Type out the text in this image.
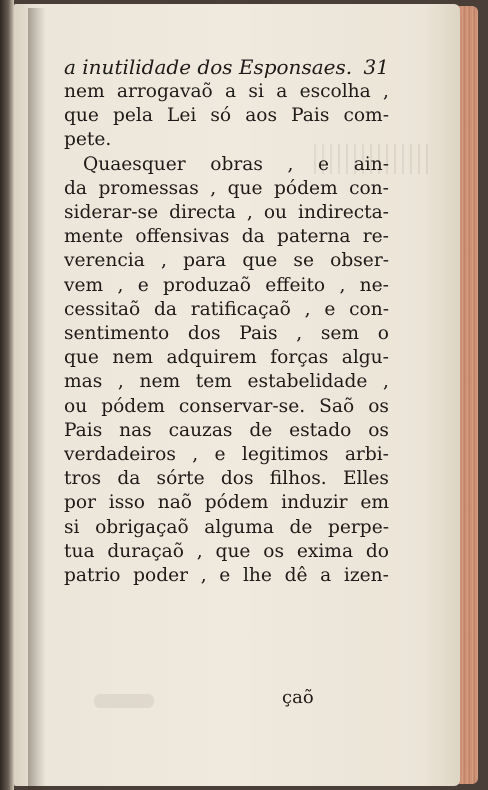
a inutilidade dos Esponsaes. 31
nem arrogavaõ a si a escolha ,
que pela Lei só aos Pais com-
pete.
Quaesquer obras , e ain-
da promessas , que pódem con-
siderar-se directa , ou indirecta-
mente offensivas da paterna re-
verencia , para que se obser-
vem , e produzaõ effeito , ne-
cessitaõ da ratificaçaõ , e con-
sentimento dos Pais , sem o
que nem adquirem forças algu-
mas , nem tem estabelidade ,
ou pódem conservar-se. Saõ os
Pais nas cauzas de estado os
verdadeiros , e legitimos arbi-
tros da sórte dos filhos. Elles
por isso naõ pódem induzir em
si obrigaçaõ alguma de perpe-
tua duraçaõ , que os exima do
patrio poder , e lhe dê a izen-
çaõ
